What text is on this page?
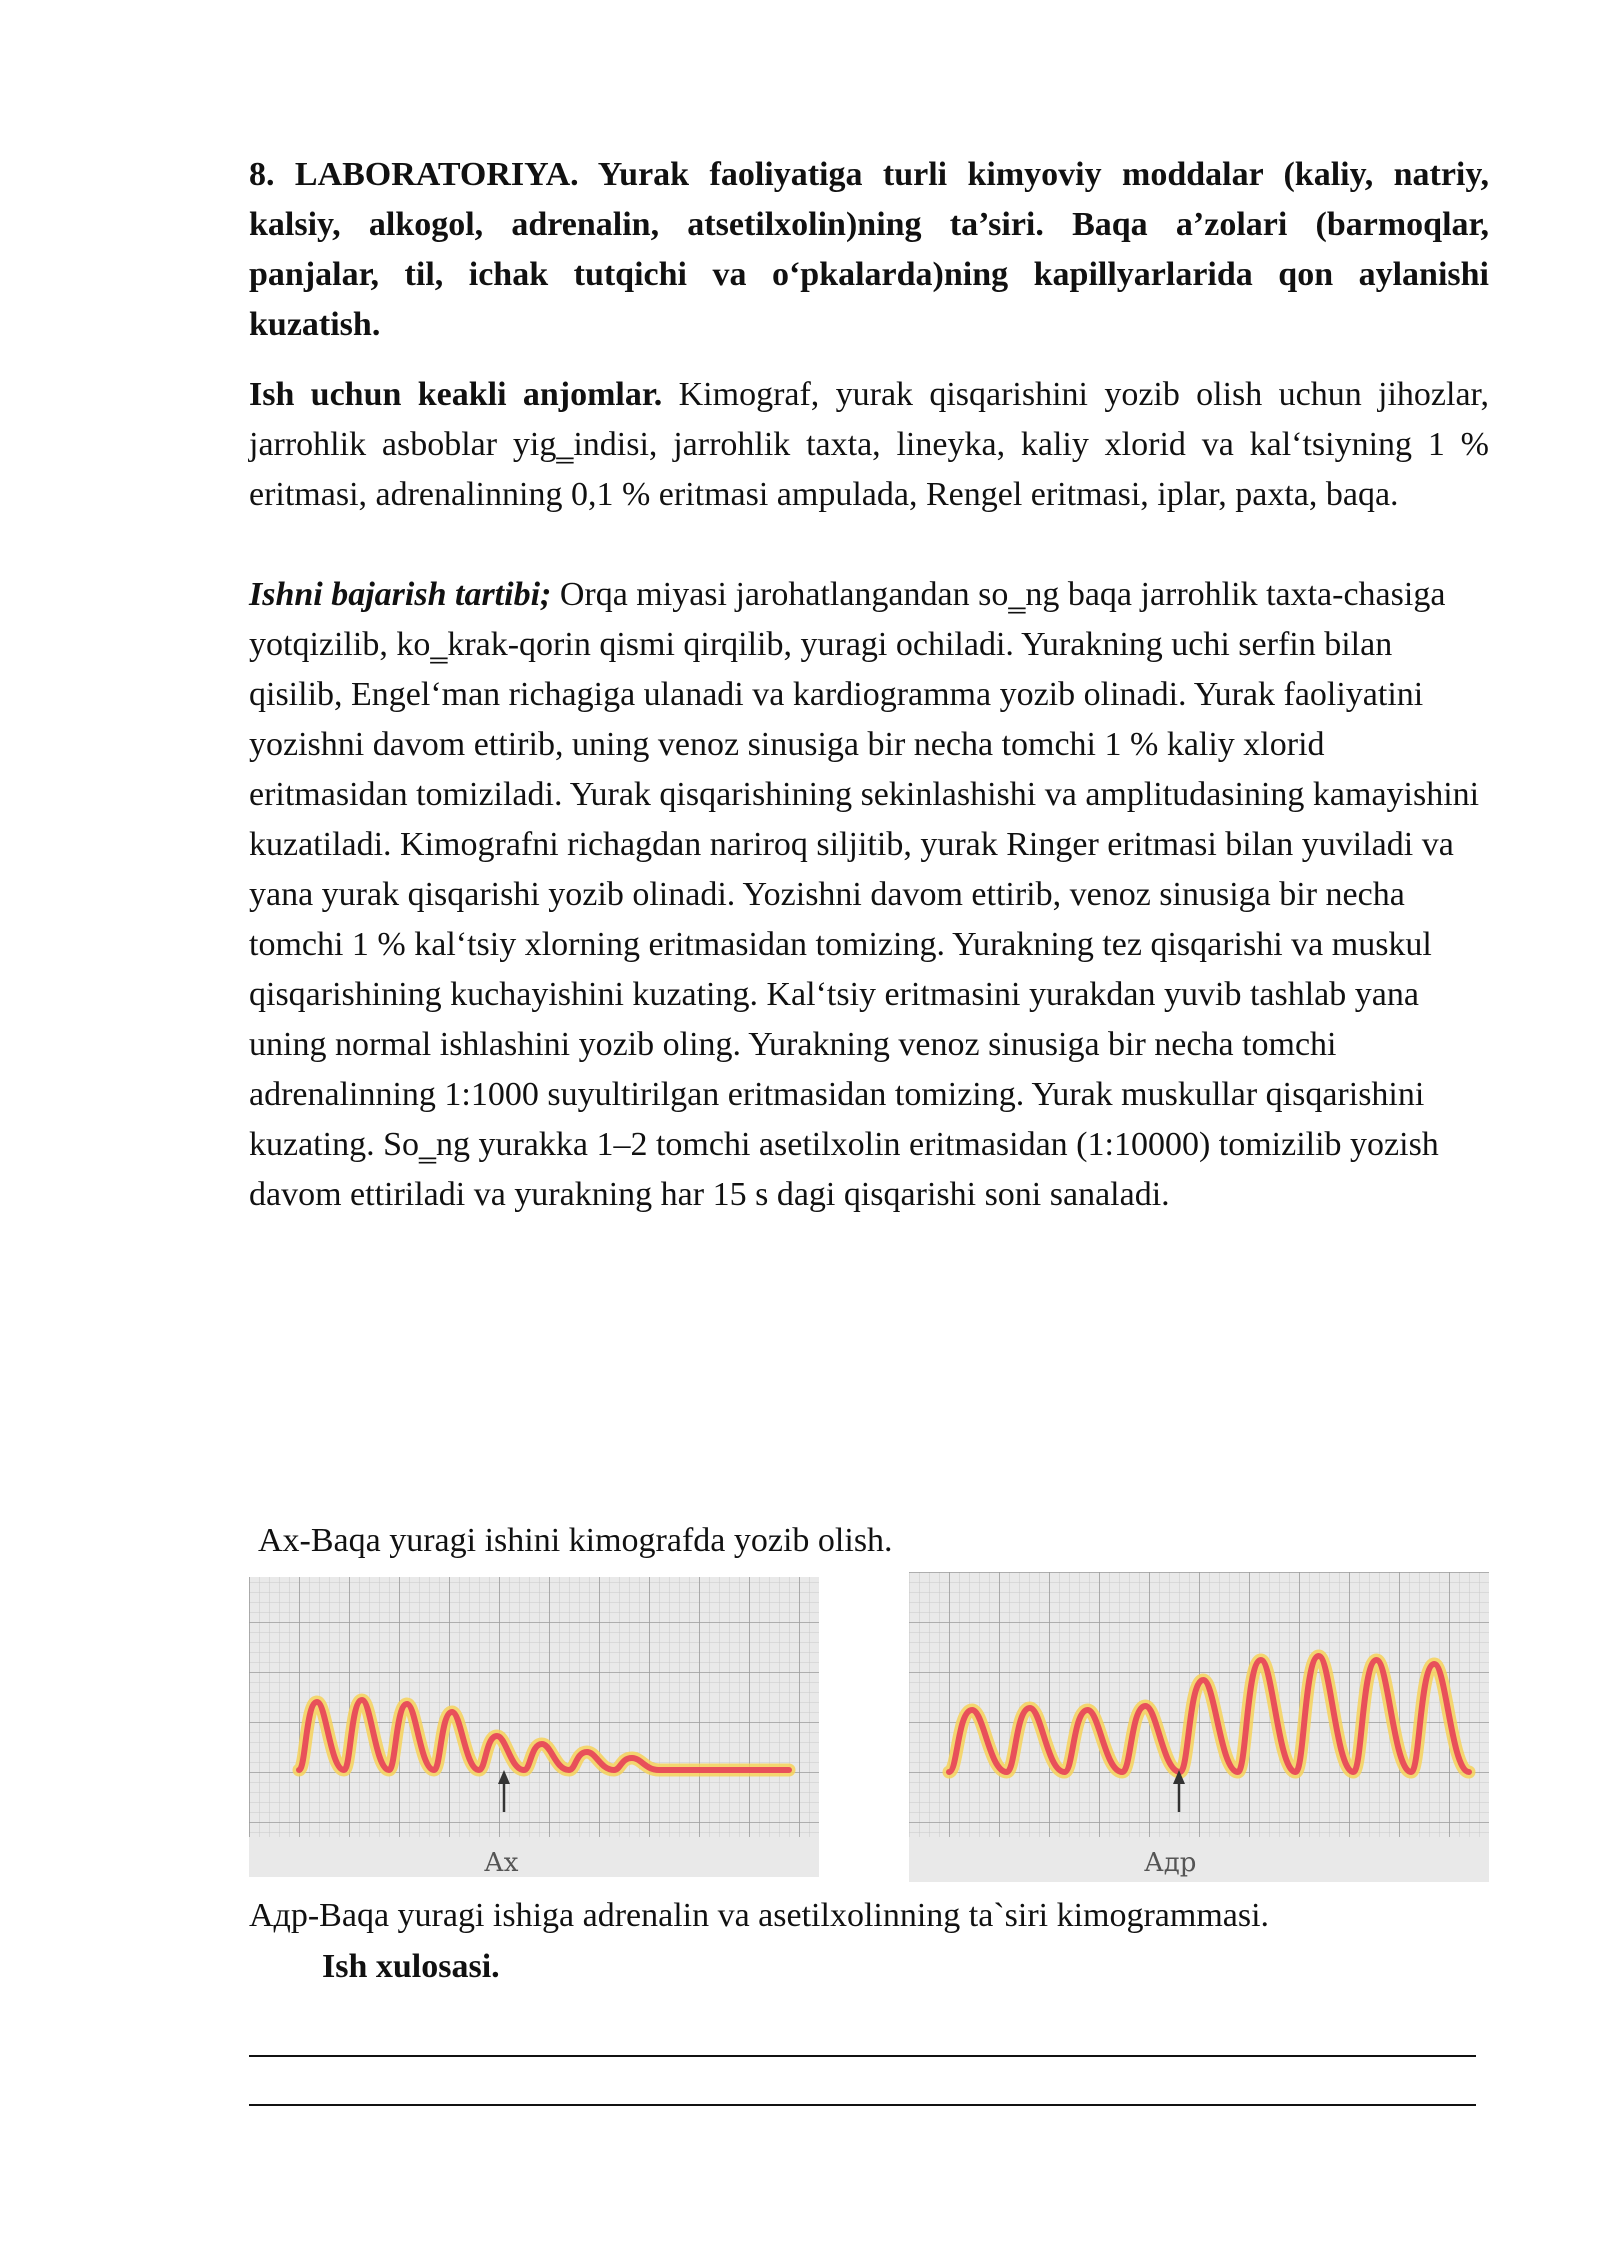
8. LABORATORIYA. Yurak faoliyatiga turli kimyoviy moddalar (kaliy, natriy, kalsiy, alkogol, adrenalin, atsetilxolin)ning ta’siri. Baqa a’zolari (barmoqlar, panjalar, til, ichak tutqichi va o‘pkalarda)ning kapillyarlarida qon aylanishi kuzatish.
Ish uchun keakli anjomlar. Kimograf, yurak qisqarishini yozib olish uchun jihozlar, jarrohlik asboblar yig‗indisi, jarrohlik taxta, lineyka, kaliy xlorid va kal‘tsiyning 1 % eritmasi, adrenalinning 0,1 % eritmasi ampulada, Rengel eritmasi, iplar, paxta, baqa.
Ishni bajarish tartibi; Orqa miyasi jarohatlangandan so‗ng baqa jarrohlik taxta-chasiga yotqizilib, ko‗krak-qorin qismi qirqilib, yuragi ochiladi. Yurakning uchi serfin bilan qisilib, Engel‘man richagiga ulanadi va kardiogramma yozib olinadi. Yurak faoliyatini yozishni davom ettirib, uning venoz sinusiga bir necha tomchi 1 % kaliy xlorid eritmasidan tomiziladi. Yurak qisqarishining sekinlashishi va amplitudasining kamayishini kuzatiladi. Kimografni richagdan nariroq siljitib, yurak Ringer eritmasi bilan yuviladi va yana yurak qisqarishi yozib olinadi. Yozishni davom ettirib, venoz sinusiga bir necha tomchi 1 % kal‘tsiy xlorning eritmasidan tomizing. Yurakning tez qisqarishi va muskul qisqarishining kuchayishini kuzating. Kal‘tsiy eritmasini yurakdan yuvib tashlab yana uning normal ishlashini yozib oling. Yurakning venoz sinusiga bir necha tomchi adrenalinning 1:1000 suyultirilgan eritmasidan tomizing. Yurak muskullar qisqarishini kuzating. So‗ng yurakka 1–2 tomchi asetilxolin eritmasidan (1:10000) tomizilib yozish davom ettiriladi va yurakning har 15 s dagi qisqarishi soni sanaladi.
Ax-Baqa yuragi ishini kimografda yozib olish.
Ах	Адр
Адр-Baqa yuragi ishiga adrenalin va asetilxolinning ta`siri kimogrammasi.
Ish xulosasi.
